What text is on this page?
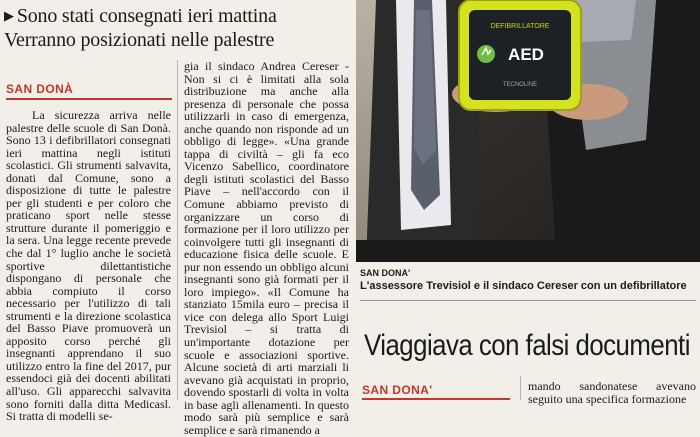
▶ Sono stati consegnati ieri mattina
Verranno posizionati nelle palestre
SAN DONÀ

La sicurezza arriva nelle palestre delle scuole di San Donà. Sono 13 i defibrillatori consegnati ieri mattina negli istituti scolastici. Gli strumenti salvavita, donati dal Comune, sono a disposizione di tutte le palestre per gli studenti e per coloro che praticano sport nelle stesse strutture durante il pomeriggio e la sera. Una legge recente prevede che dal 1° luglio anche le società sportive dilettantistiche dispongano di personale che abbia compiuto il corso necessario per l'utilizzo di tali strumenti e la direzione scolastica del Basso Piave promuoverà un apposito corso perché gli insegnanti apprendano il suo utilizzo entro la fine del 2017, pur essendoci già dei docenti abilitati all'uso. Gli apparecchi salvavita sono forniti dalla ditta Medicasl. Si tratta di modelli se-

gia il sindaco Andrea Cereser - Non si ci è limitati alla sola distribuzione ma anche alla presenza di personale che possa utilizzarli in caso di emergenza, anche quando non risponde ad un obbligo di legge». «Una grande tappa di civiltà – gli fa eco Vicenzo Sabellico, coordinatore degli istituti scolastici del Basso Piave – nell'accordo con il Comune abbiamo previsto di organizzare un corso di formazione per il loro utilizzo per coinvolgere tutti gli insegnanti di educazione fisica delle scuole. E pur non essendo un obbligo alcuni insegnanti sono già formati per il loro impiego». «Il Comune ha stanziato 15mila euro – precisa il vice con delega allo Sport Luigi Trevisiol – si tratta di un'importante dotazione per scuole e associazioni sportive. Alcune società di arti marziali li avevano già acquistati in proprio, dovendo spostarli di volta in volta in base agli allenamenti. In questo modo sarà più semplice e sarà semplice e sarà rimanendo a

DEFIBRILLATORE
AED
TECNOLINE
SAN DONA'
L'assessore Trevisiol e il sindaco Cereser con un defibrillatore
Viaggiava con falsi documenti
SAN DONA'	mando sandonatese avevano seguito una specifica formazione
